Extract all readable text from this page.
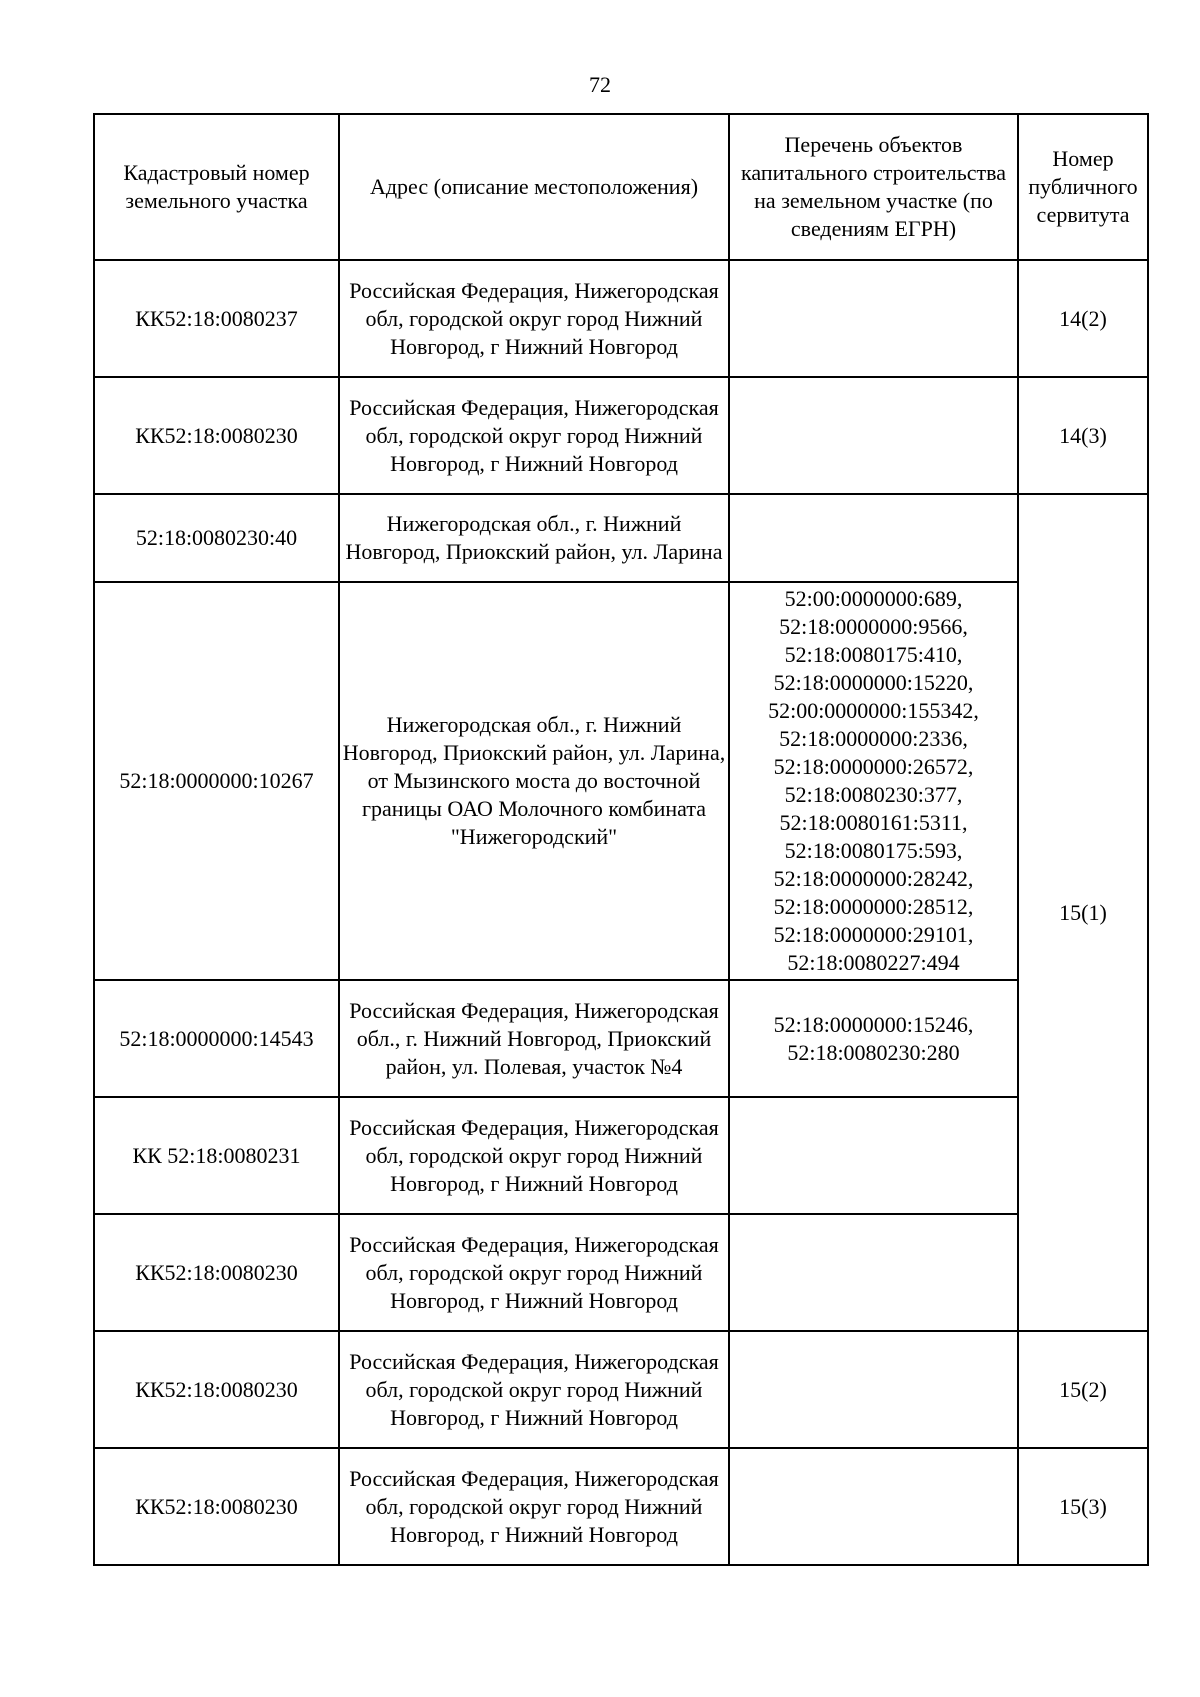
72
Кадастровый номер земельного участка	Адрес (описание местоположения)	Перечень объектов капитального строительства на земельном участке (по сведениям ЕГРН)	Номер публичного сервитута
КК52:18:0080237	Российская Федерация, Нижегородская обл, городской округ город Нижний Новгород, г Нижний Новгород		14(2)
КК52:18:0080230	Российская Федерация, Нижегородская обл, городской округ город Нижний Новгород, г Нижний Новгород		14(3)
52:18:0080230:40	Нижегородская обл., г. Нижний Новгород, Приокский район, ул. Ларина		15(1)
52:18:0000000:10267	Нижегородская обл., г. Нижний Новгород, Приокский район, ул. Ларина, от Мызинского моста до восточной границы ОАО Молочного комбината "Нижегородский"	52:00:0000000:689, 52:18:0000000:9566, 52:18:0080175:410, 52:18:0000000:15220, 52:00:0000000:155342, 52:18:0000000:2336, 52:18:0000000:26572, 52:18:0080230:377, 52:18:0080161:5311, 52:18:0080175:593, 52:18:0000000:28242, 52:18:0000000:28512, 52:18:0000000:29101, 52:18:0080227:494	
52:18:0000000:14543	Российская Федерация, Нижегородская обл., г. Нижний Новгород, Приокский район, ул. Полевая, участок №4	52:18:0000000:15246, 52:18:0080230:280	
КК 52:18:0080231	Российская Федерация, Нижегородская обл, городской округ город Нижний Новгород, г Нижний Новгород		
КК52:18:0080230	Российская Федерация, Нижегородская обл, городской округ город Нижний Новгород, г Нижний Новгород		
КК52:18:0080230	Российская Федерация, Нижегородская обл, городской округ город Нижний Новгород, г Нижний Новгород		15(2)
КК52:18:0080230	Российская Федерация, Нижегородская обл, городской округ город Нижний Новгород, г Нижний Новгород		15(3)
